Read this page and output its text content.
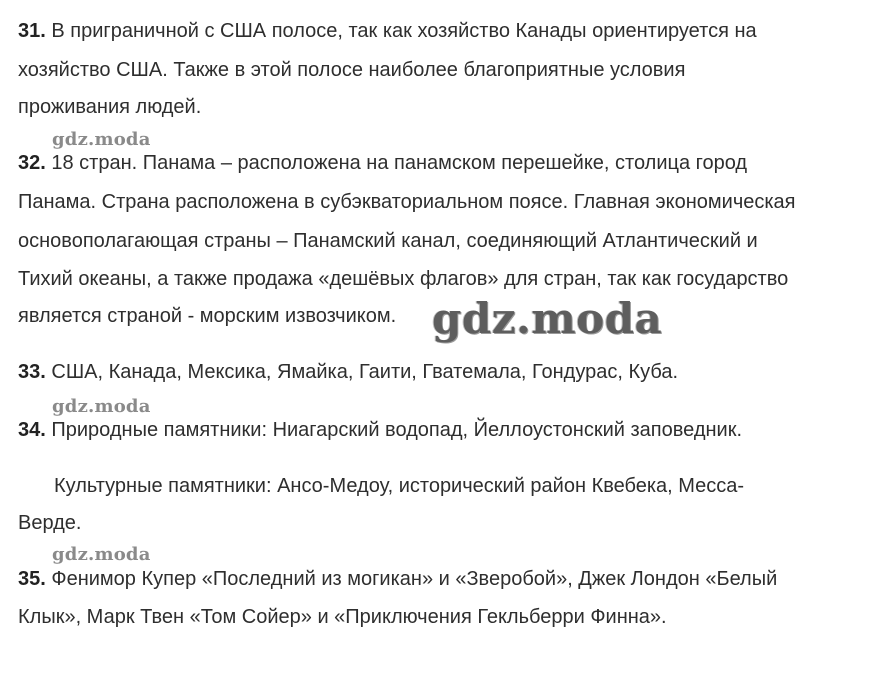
31. В приграничной с США полосе, так как хозяйство Канады ориентируется на
хозяйство США. Также в этой полосе наиболее благоприятные условия
проживания людей.
gdz.moda
32. 18 стран. Панама – расположена на панамском перешейке, столица город
Панама. Страна расположена в субэкваториальном поясе. Главная экономическая
основополагающая страны – Панамский канал, соединяющий Атлантический и
Тихий океаны, а также продажа «дешёвых флагов» для стран, так как государство
является страной - морским извозчиком. gdz.moda
33. США, Канада, Мексика, Ямайка, Гаити, Гватемала, Гондурас, Куба.
gdz.moda
34. Природные памятники: Ниагарский водопад, Йеллоустонский заповедник.
Культурные памятники: Ансо-Медоу, исторический район Квебека, Месса-
Верде.
gdz.moda
35. Фенимор Купер «Последний из могикан» и «Зверобой», Джек Лондон «Белый
Клык», Марк Твен «Том Сойер» и «Приключения Гекльберри Финна».
